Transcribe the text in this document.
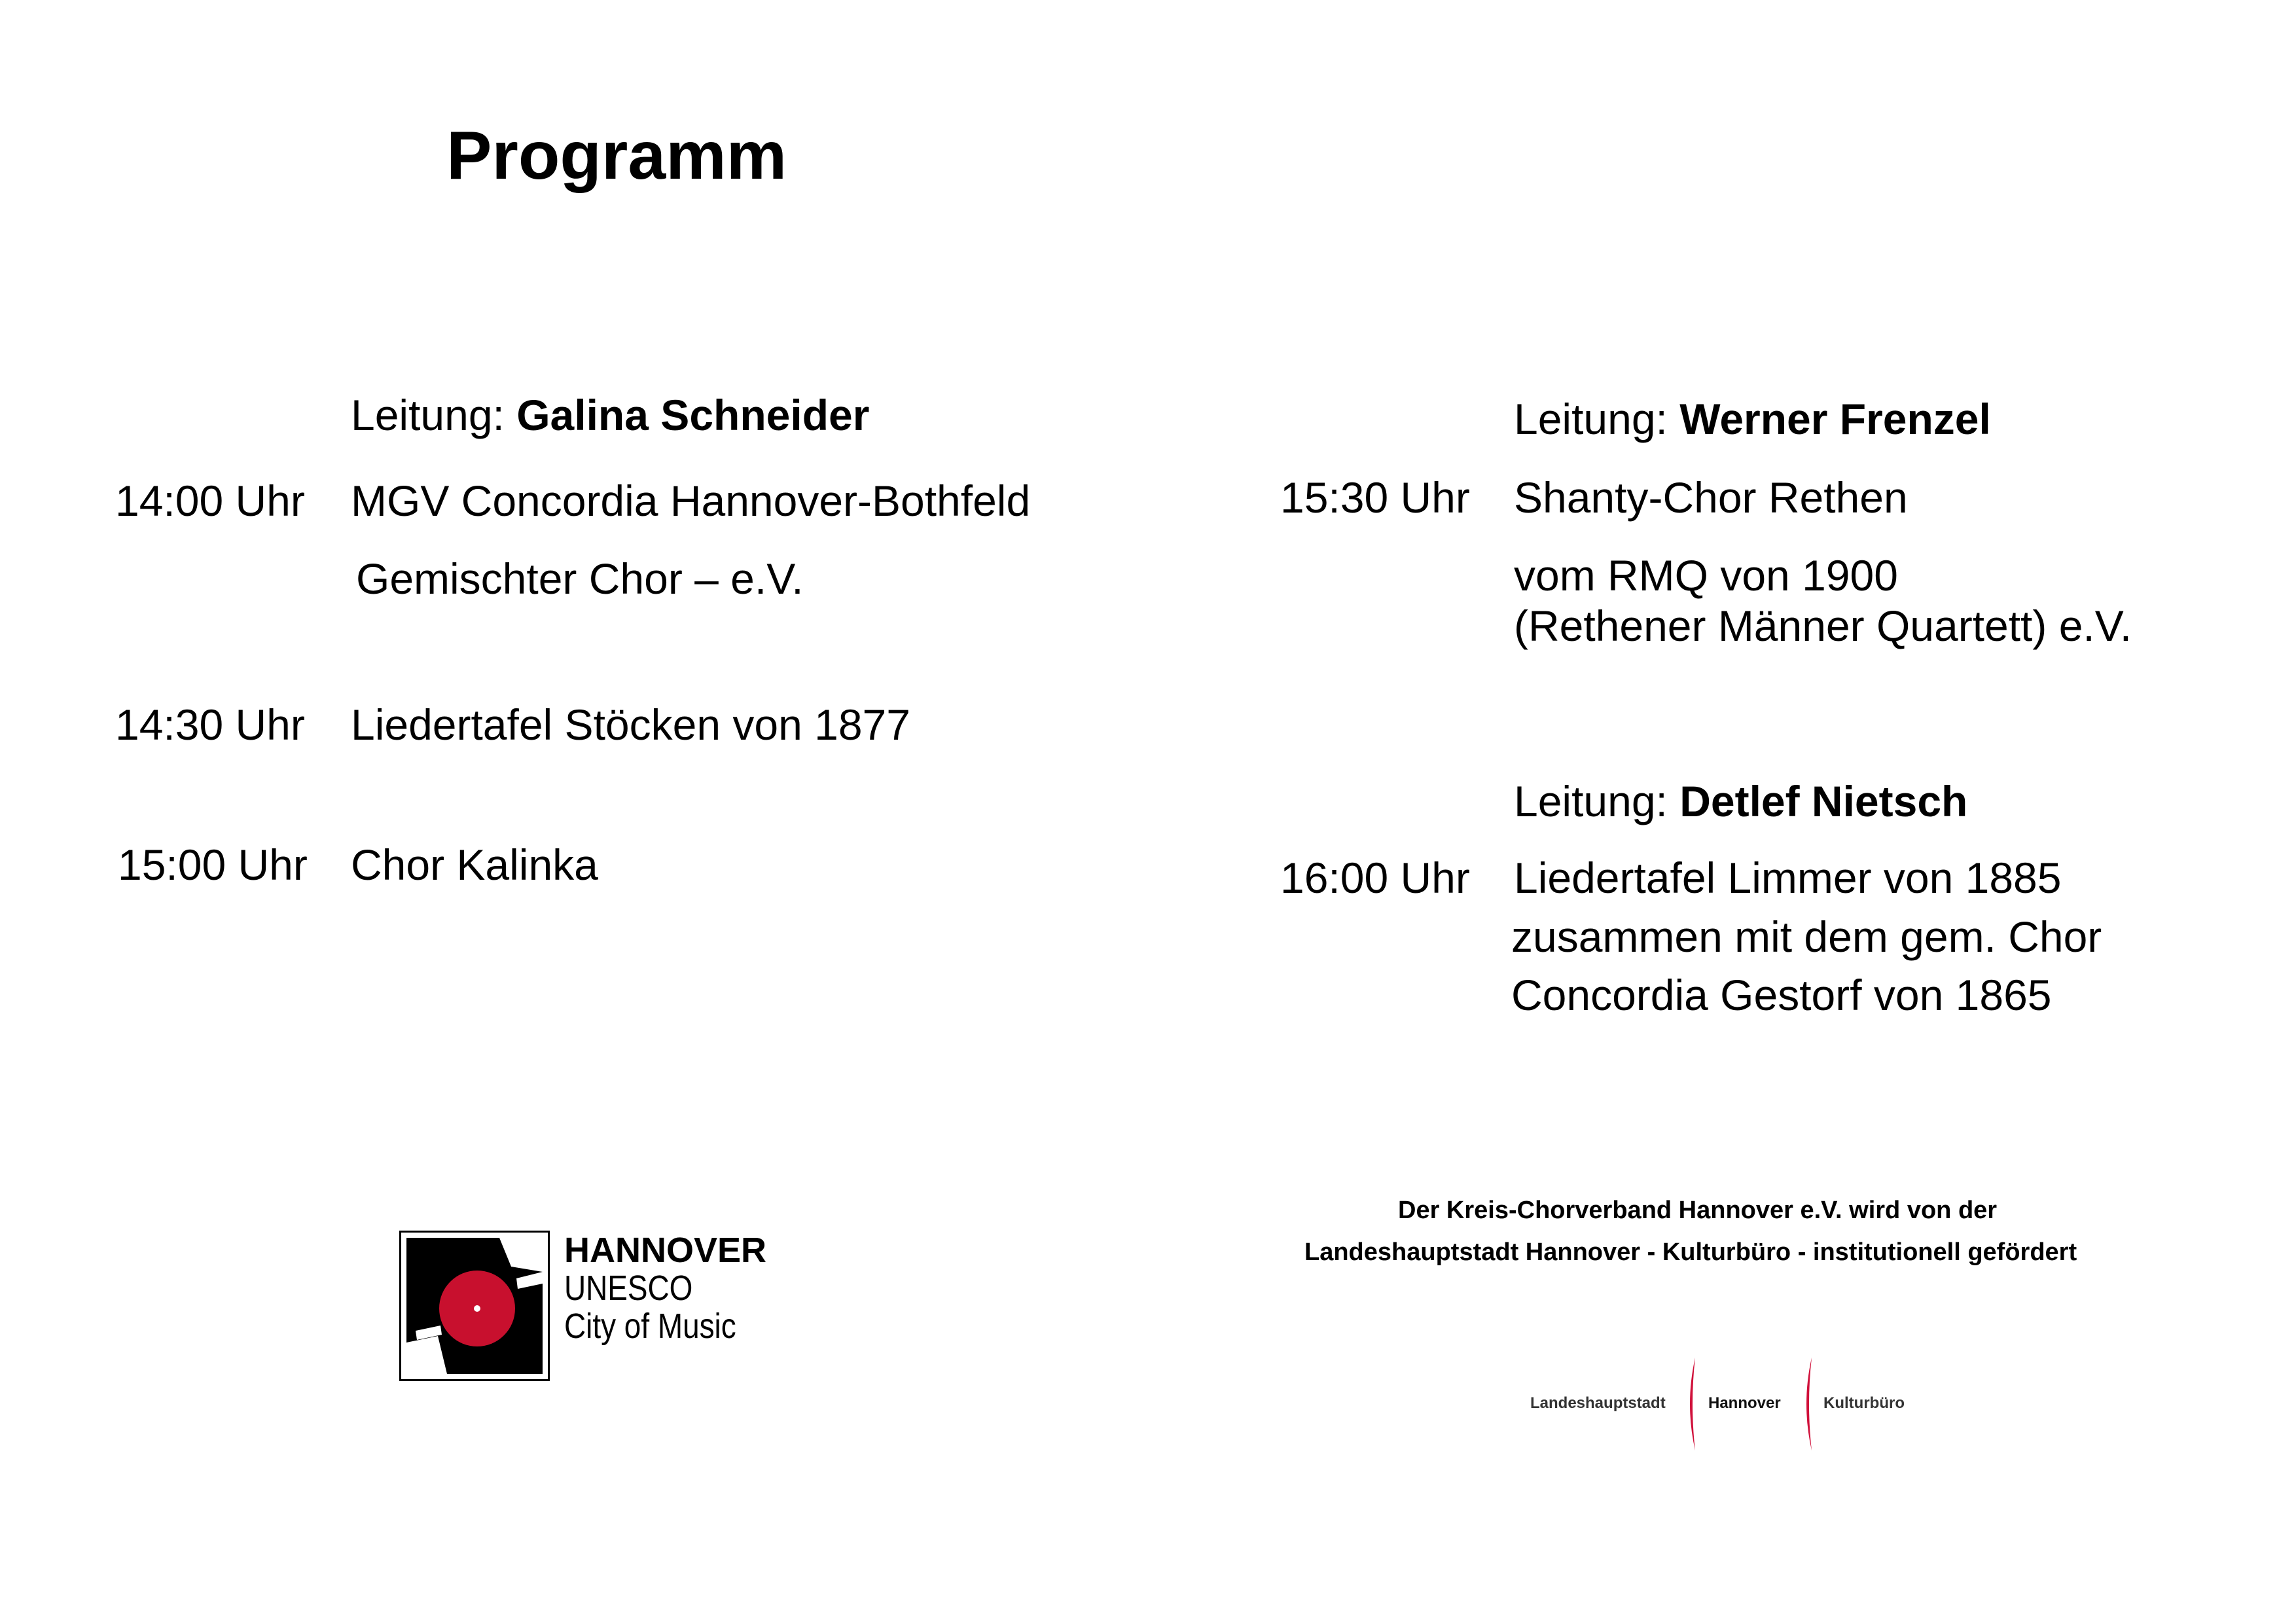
Programm
Leitung: Galina Schneider
14:00 Uhr MGV Concordia Hannover-Bothfeld
Gemischter Chor – e.V.
14:30 Uhr Liedertafel Stöcken von 1877
15:00 Uhr Chor Kalinka
Leitung: Werner Frenzel
15:30 Uhr Shanty-Chor Rethen
vom RMQ von 1900
(Rethener Männer Quartett) e.V.
Leitung: Detlef Nietsch
16:00 Uhr Liedertafel Limmer von 1885
zusammen mit dem gem. Chor
Concordia Gestorf von 1865
HANNOVER
UNESCO
City of Music
Der Kreis-Chorverband Hannover e.V. wird von der
Landeshauptstadt Hannover - Kulturbüro - institutionell gefördert
Landeshauptstadt	Hannover	Kulturbüro
